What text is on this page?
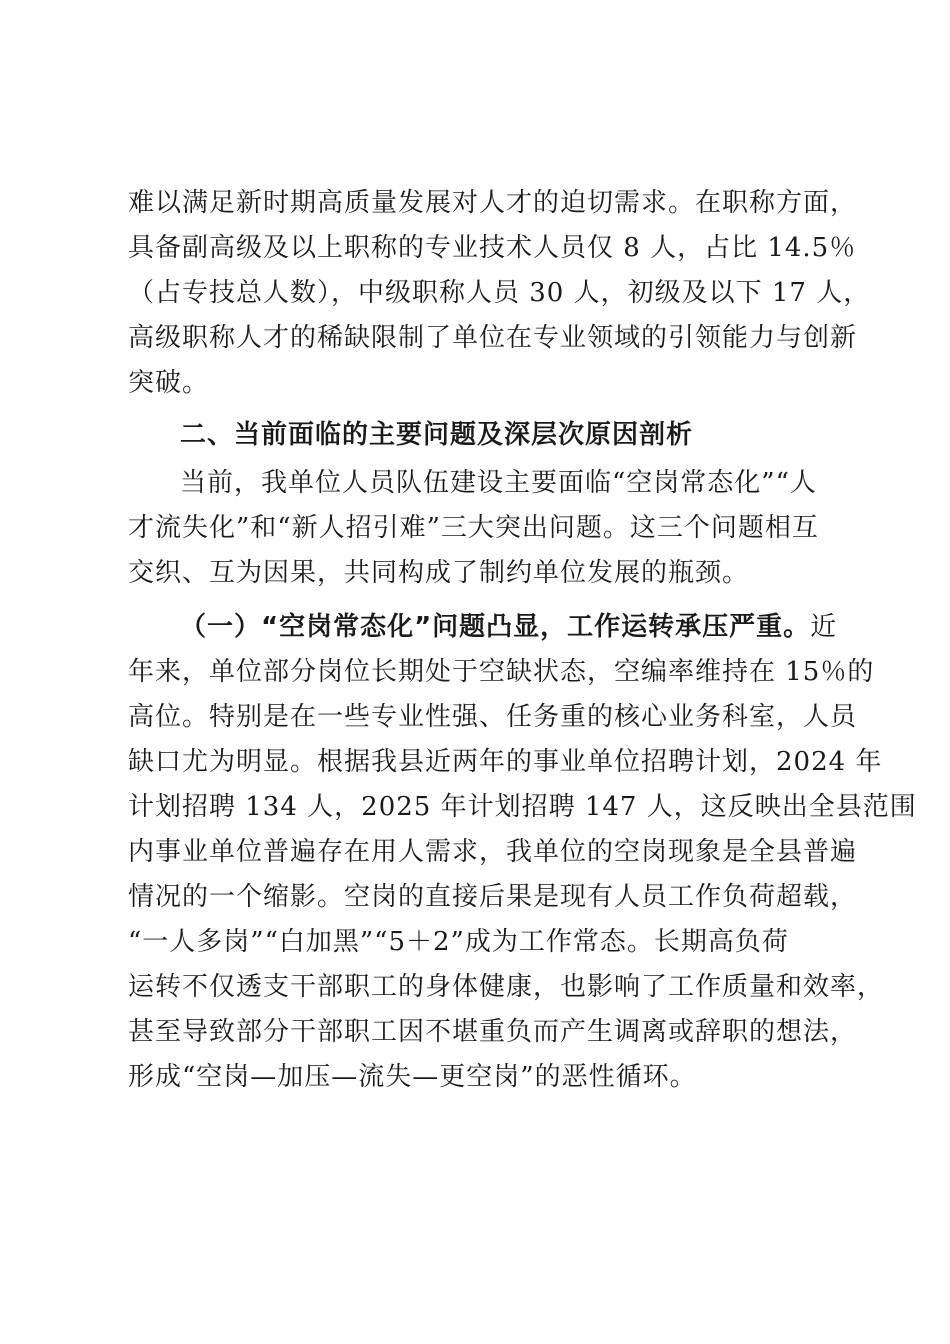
难以满足新时期高质量发展对人才的迫切需求。在职称方面，
具备副高级及以上职称的专业技术人员仅 8 人，占比 14.5％
（占专技总人数），中级职称人员 30 人，初级及以下 17 人，
高级职称人才的稀缺限制了单位在专业领域的引领能力与创新
突破。
二、当前面临的主要问题及深层次原因剖析
当前，我单位人员队伍建设主要面临“空岗常态化”“人
才流失化”和“新人招引难”三大突出问题。这三个问题相互
交织、互为因果，共同构成了制约单位发展的瓶颈。
（一）“空岗常态化”问题凸显，工作运转承压严重。近
年来，单位部分岗位长期处于空缺状态，空编率维持在 15％的
高位。特别是在一些专业性强、任务重的核心业务科室，人员
缺口尤为明显。根据我县近两年的事业单位招聘计划，2024 年
计划招聘 134 人，2025 年计划招聘 147 人，这反映出全县范围
内事业单位普遍存在用人需求，我单位的空岗现象是全县普遍
情况的一个缩影。空岗的直接后果是现有人员工作负荷超载，
“一人多岗”“白加黑”“5＋2”成为工作常态。长期高负荷
运转不仅透支干部职工的身体健康，也影响了工作质量和效率，
甚至导致部分干部职工因不堪重负而产生调离或辞职的想法，
形成“空岗—加压—流失—更空岗”的恶性循环。
